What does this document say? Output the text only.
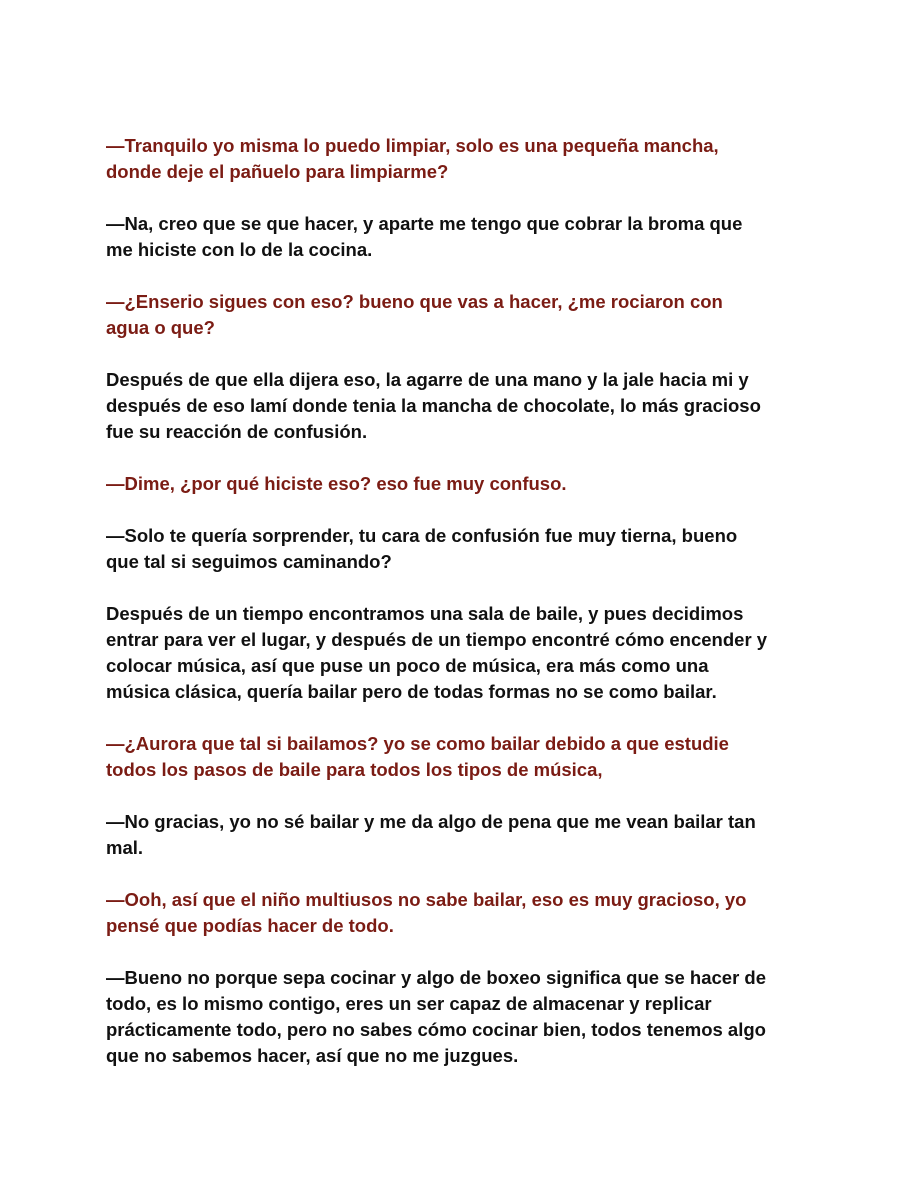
—Tranquilo yo misma lo puedo limpiar, solo es una pequeña mancha,
donde deje el pañuelo para limpiarme?

—Na, creo que se que hacer, y aparte me tengo que cobrar la broma que
me hiciste con lo de la cocina.

—¿Enserio sigues con eso? bueno que vas a hacer, ¿me rociaron con
agua o que?

Después de que ella dijera eso, la agarre de una mano y la jale hacia mi y
después de eso lamí donde tenia la mancha de chocolate, lo más gracioso
fue su reacción de confusión.

—Dime, ¿por qué hiciste eso? eso fue muy confuso.

—Solo te quería sorprender, tu cara de confusión fue muy tierna, bueno
que tal si seguimos caminando?

Después de un tiempo encontramos una sala de baile, y pues decidimos
entrar para ver el lugar, y después de un tiempo encontré cómo encender y
colocar música, así que puse un poco de música, era más como una
música clásica, quería bailar pero de todas formas no se como bailar.

—¿Aurora que tal si bailamos? yo se como bailar debido a que estudie
todos los pasos de baile para todos los tipos de música,

—No gracias, yo no sé bailar y me da algo de pena que me vean bailar tan
mal.

—Ooh, así que el niño multiusos no sabe bailar, eso es muy gracioso, yo
pensé que podías hacer de todo.

—Bueno no porque sepa cocinar y algo de boxeo significa que se hacer de
todo, es lo mismo contigo, eres un ser capaz de almacenar y replicar
prácticamente todo, pero no sabes cómo cocinar bien, todos tenemos algo
que no sabemos hacer, así que no me juzgues.
